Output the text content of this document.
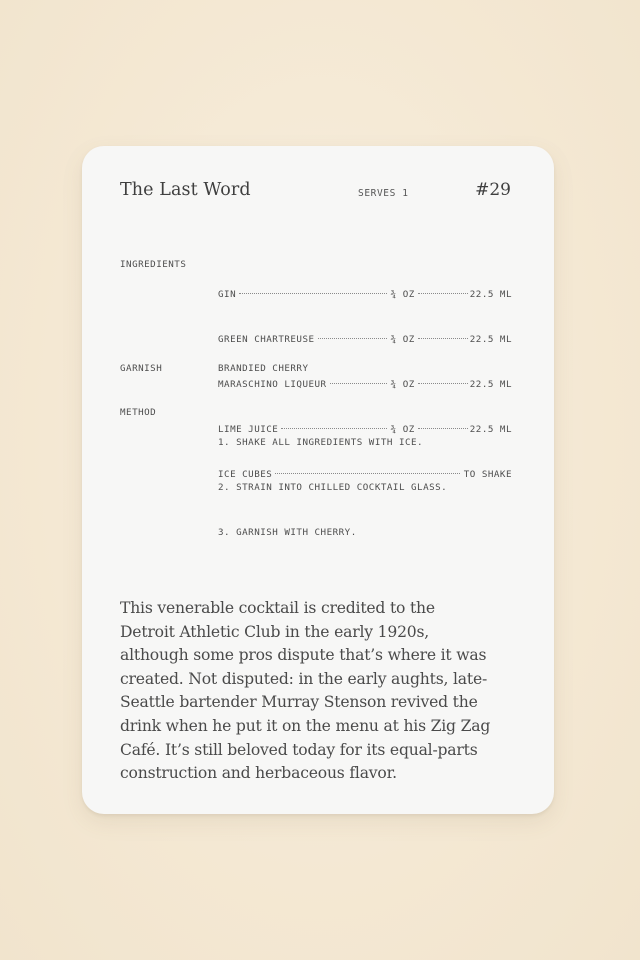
The Last Word	SERVES 1	#29
INGREDIENTS

GIN	¾ OZ	22.5 ML

GREEN CHARTREUSE	¾ OZ	22.5 ML

MARASCHINO LIQUEUR	¾ OZ	22.5 ML

LIME JUICE	¾ OZ	22.5 ML

ICE CUBES	TO SHAKE

GARNISH	BRANDIED CHERRY
METHOD

1. SHAKE ALL INGREDIENTS WITH ICE.

2. STRAIN INTO CHILLED COCKTAIL GLASS.

3. GARNISH WITH CHERRY.

This venerable cocktail is credited to the
Detroit Athletic Club in the early 1920s,
although some pros dispute that’s where it was
created. Not disputed: in the early aughts, late-
Seattle bartender Murray Stenson revived the
drink when he put it on the menu at his Zig Zag
Café. It’s still beloved today for its equal-parts
construction and herbaceous flavor.
